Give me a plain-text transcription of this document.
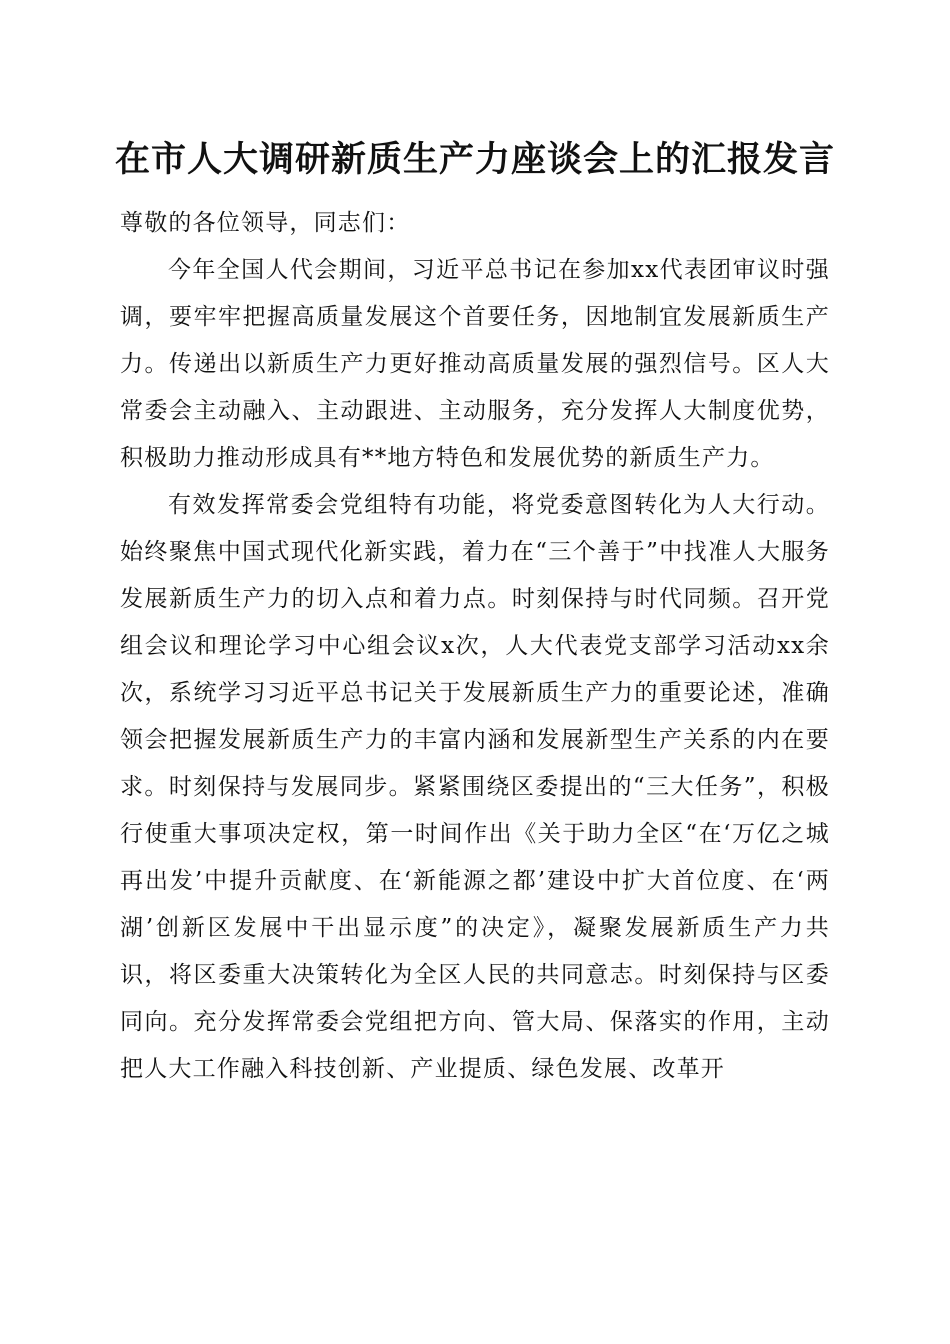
在市人大调研新质生产力座谈会上的汇报发言

尊敬的各位领导，同志们：

今年全国人代会期间，习近平总书记在参加xx代表团审议时强调，要牢牢把握高质量发展这个首要任务，因地制宜发展新质生产力。传递出以新质生产力更好推动高质量发展的强烈信号。区人大常委会主动融入、主动跟进、主动服务，充分发挥人大制度优势，积极助力推动形成具有**地方特色和发展优势的新质生产力。

有效发挥常委会党组特有功能，将党委意图转化为人大行动。始终聚焦中国式现代化新实践，着力在“三个善于”中找准人大服务发展新质生产力的切入点和着力点。时刻保持与时代同频。召开党组会议和理论学习中心组会议x次，人大代表党支部学习活动xx余次，系统学习习近平总书记关于发展新质生产力的重要论述，准确领会把握发展新质生产力的丰富内涵和发展新型生产关系的内在要求。时刻保持与发展同步。紧紧围绕区委提出的“三大任务”，积极行使重大事项决定权，第一时间作出《关于助力全区“在‘万亿之城再出发’中提升贡献度、在‘新能源之都’建设中扩大首位度、在‘两湖’创新区发展中干出显示度”的决定》，凝聚发展新质生产力共识，将区委重大决策转化为全区人民的共同意志。时刻保持与区委同向。充分发挥常委会党组把方向、管大局、保落实的作用，主动把人大工作融入科技创新、产业提质、绿色发展、改革开
